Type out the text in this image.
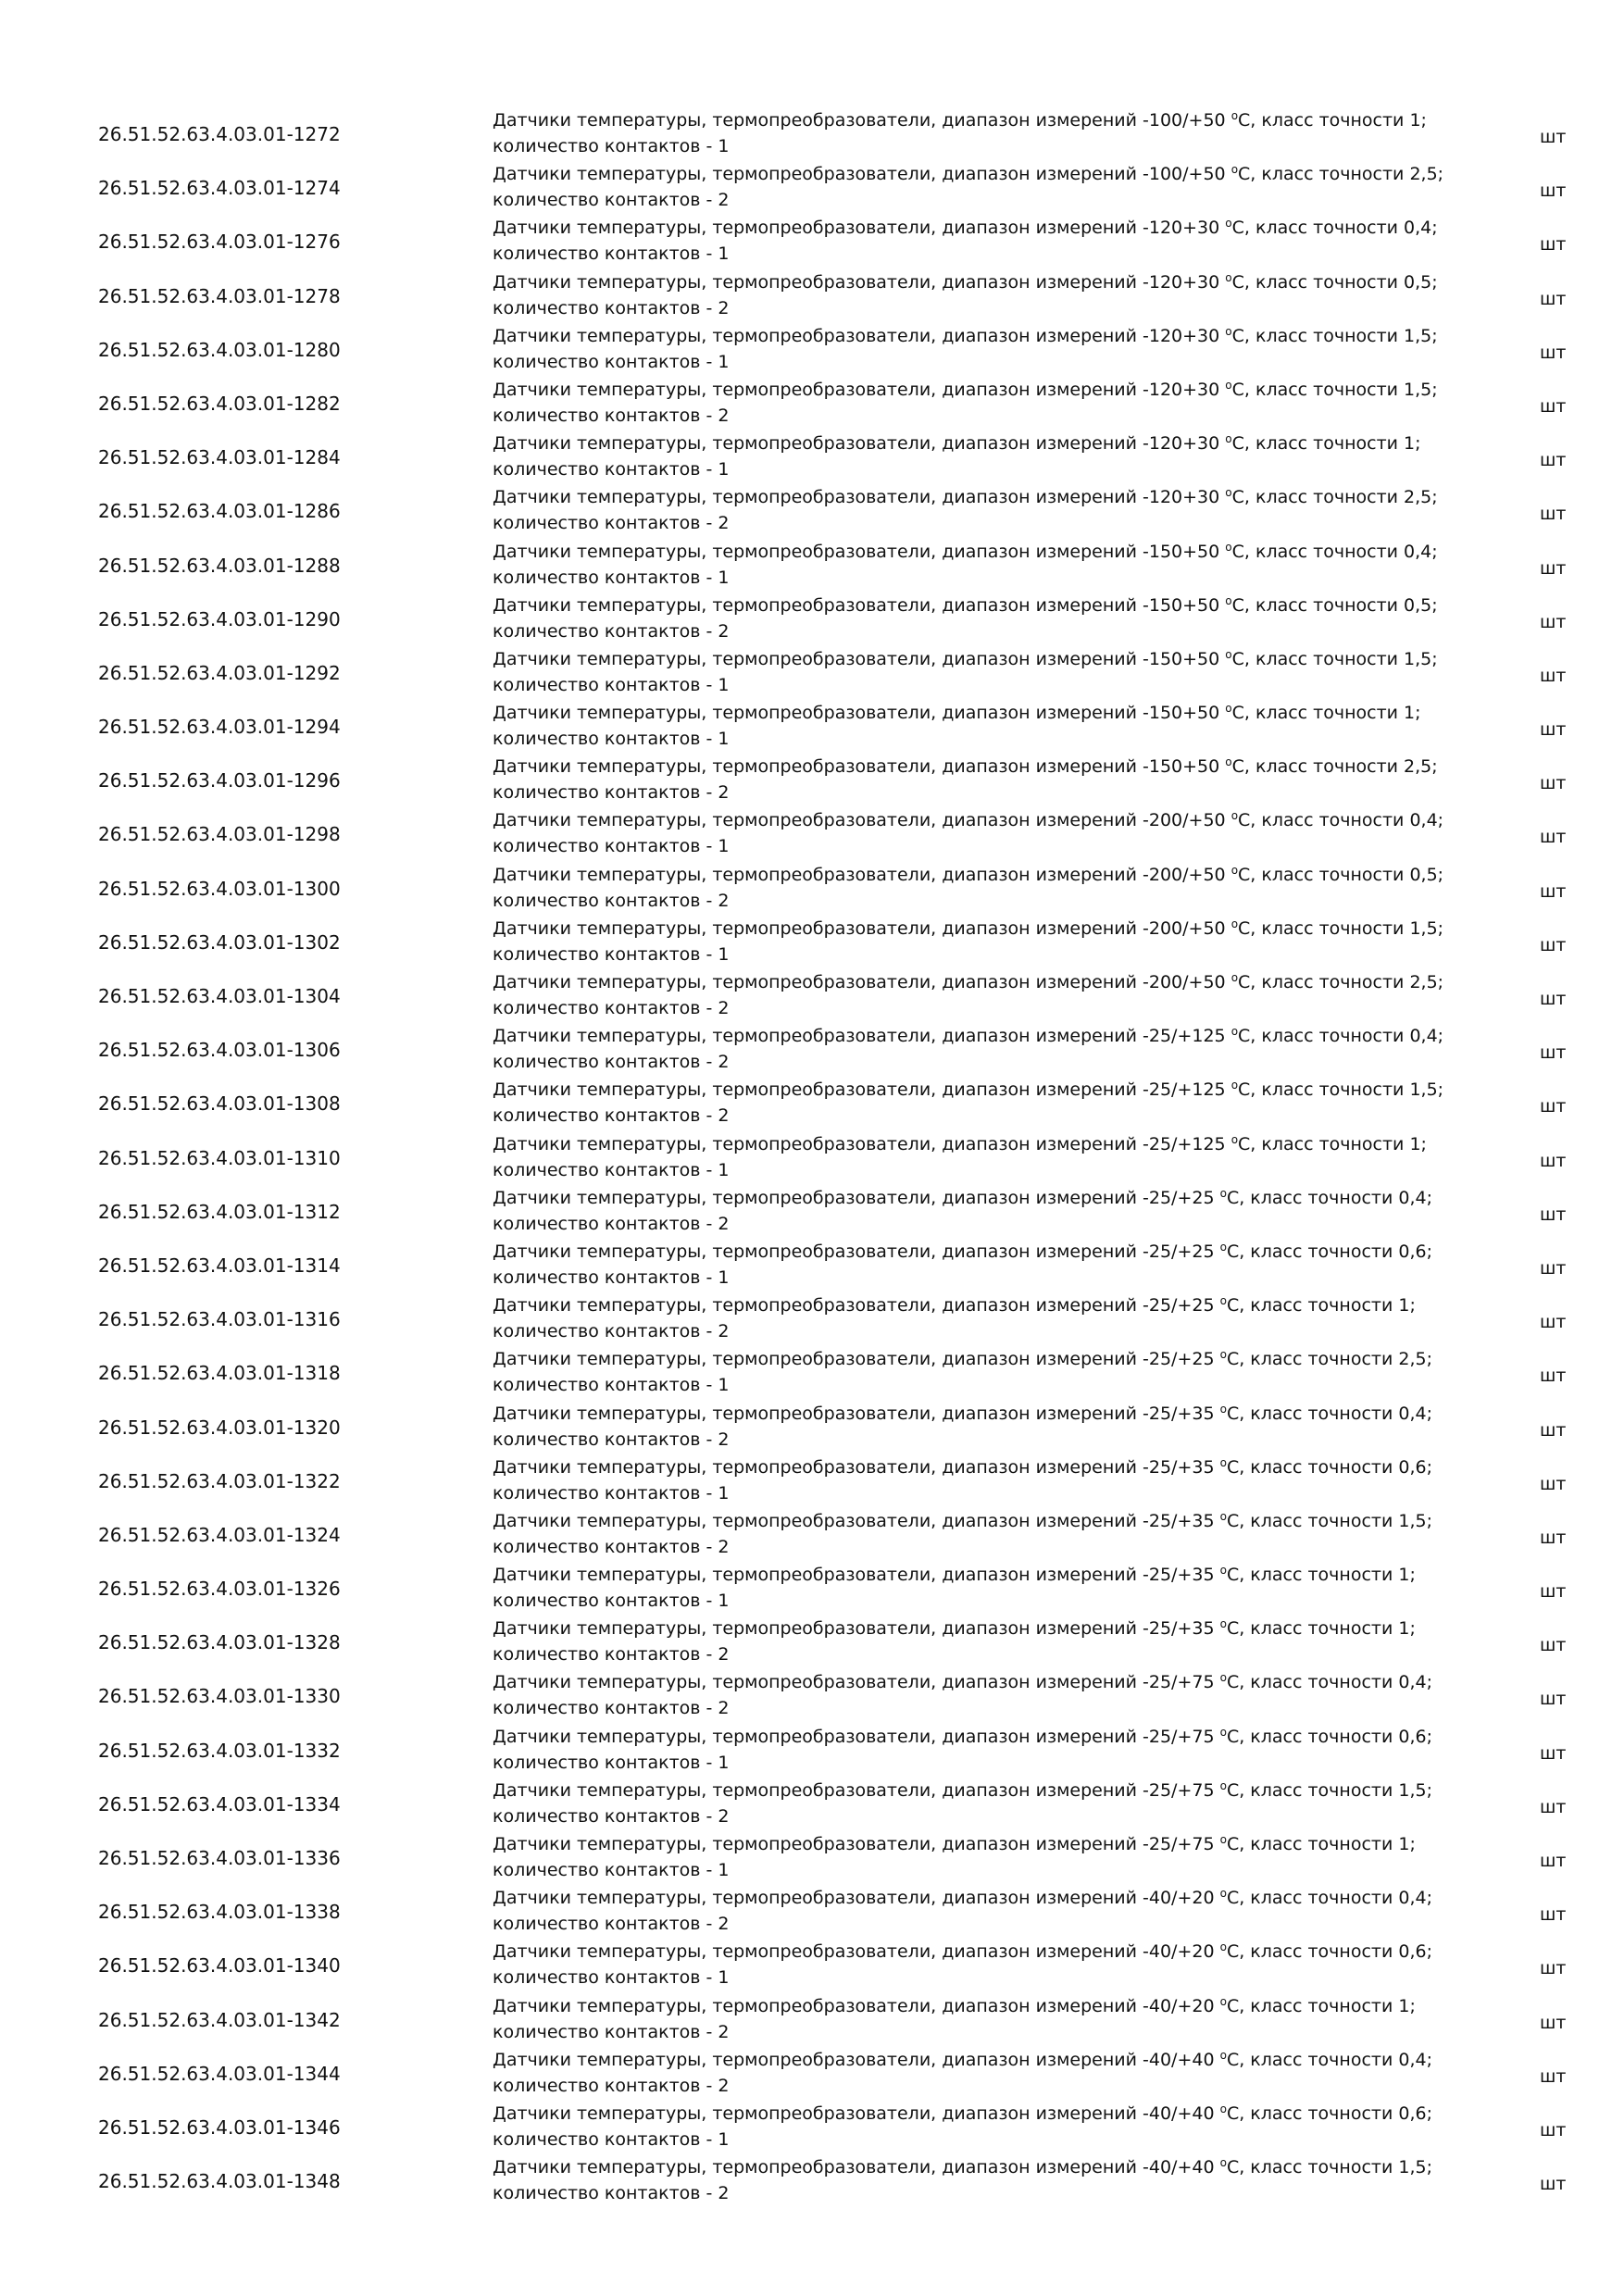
26.51.52.63.4.03.01-1272
Датчики температуры, термопреобразователи, диапазон измерений -100/+50 $^o$C, класс точности 1;
количество контактов - 1	шт
26.51.52.63.4.03.01-1274
Датчики температуры, термопреобразователи, диапазон измерений -100/+50 $^o$C, класс точности 2,5;
количество контактов - 2	шт
26.51.52.63.4.03.01-1276
Датчики температуры, термопреобразователи, диапазон измерений -120+30 $^o$C, класс точности 0,4;
количество контактов - 1	шт
26.51.52.63.4.03.01-1278
Датчики температуры, термопреобразователи, диапазон измерений -120+30 $^o$C, класс точности 0,5;
количество контактов - 2	шт
26.51.52.63.4.03.01-1280
Датчики температуры, термопреобразователи, диапазон измерений -120+30 $^o$C, класс точности 1,5;
количество контактов - 1	шт
26.51.52.63.4.03.01-1282
Датчики температуры, термопреобразователи, диапазон измерений -120+30 $^o$C, класс точности 1,5;
количество контактов - 2	шт
26.51.52.63.4.03.01-1284
Датчики температуры, термопреобразователи, диапазон измерений -120+30 $^o$C, класс точности 1;
количество контактов - 1	шт
26.51.52.63.4.03.01-1286
Датчики температуры, термопреобразователи, диапазон измерений -120+30 $^o$C, класс точности 2,5;
количество контактов - 2	шт
26.51.52.63.4.03.01-1288
Датчики температуры, термопреобразователи, диапазон измерений -150+50 $^o$C, класс точности 0,4;
количество контактов - 1	шт
26.51.52.63.4.03.01-1290
Датчики температуры, термопреобразователи, диапазон измерений -150+50 $^o$C, класс точности 0,5;
количество контактов - 2	шт
26.51.52.63.4.03.01-1292
Датчики температуры, термопреобразователи, диапазон измерений -150+50 $^o$C, класс точности 1,5;
количество контактов - 1	шт
26.51.52.63.4.03.01-1294
Датчики температуры, термопреобразователи, диапазон измерений -150+50 $^o$C, класс точности 1;
количество контактов - 1	шт
26.51.52.63.4.03.01-1296
Датчики температуры, термопреобразователи, диапазон измерений -150+50 $^o$C, класс точности 2,5;
количество контактов - 2	шт
26.51.52.63.4.03.01-1298
Датчики температуры, термопреобразователи, диапазон измерений -200/+50 $^o$C, класс точности 0,4;
количество контактов - 1	шт
26.51.52.63.4.03.01-1300
Датчики температуры, термопреобразователи, диапазон измерений -200/+50 $^o$C, класс точности 0,5;
количество контактов - 2	шт
26.51.52.63.4.03.01-1302
Датчики температуры, термопреобразователи, диапазон измерений -200/+50 $^o$C, класс точности 1,5;
количество контактов - 1	шт
26.51.52.63.4.03.01-1304
Датчики температуры, термопреобразователи, диапазон измерений -200/+50 $^o$C, класс точности 2,5;
количество контактов - 2	шт
26.51.52.63.4.03.01-1306
Датчики температуры, термопреобразователи, диапазон измерений -25/+125 $^o$C, класс точности 0,4;
количество контактов - 2	шт
26.51.52.63.4.03.01-1308
Датчики температуры, термопреобразователи, диапазон измерений -25/+125 $^o$C, класс точности 1,5;
количество контактов - 2	шт
26.51.52.63.4.03.01-1310
Датчики температуры, термопреобразователи, диапазон измерений -25/+125 $^o$C, класс точности 1;
количество контактов - 1	шт
26.51.52.63.4.03.01-1312
Датчики температуры, термопреобразователи, диапазон измерений -25/+25 $^o$C, класс точности 0,4;
количество контактов - 2	шт
26.51.52.63.4.03.01-1314
Датчики температуры, термопреобразователи, диапазон измерений -25/+25 $^o$C, класс точности 0,6;
количество контактов - 1	шт
26.51.52.63.4.03.01-1316
Датчики температуры, термопреобразователи, диапазон измерений -25/+25 $^o$C, класс точности 1;
количество контактов - 2	шт
26.51.52.63.4.03.01-1318
Датчики температуры, термопреобразователи, диапазон измерений -25/+25 $^o$C, класс точности 2,5;
количество контактов - 1	шт
26.51.52.63.4.03.01-1320
Датчики температуры, термопреобразователи, диапазон измерений -25/+35 $^o$C, класс точности 0,4;
количество контактов - 2	шт
26.51.52.63.4.03.01-1322
Датчики температуры, термопреобразователи, диапазон измерений -25/+35 $^o$C, класс точности 0,6;
количество контактов - 1	шт
26.51.52.63.4.03.01-1324
Датчики температуры, термопреобразователи, диапазон измерений -25/+35 $^o$C, класс точности 1,5;
количество контактов - 2	шт
26.51.52.63.4.03.01-1326
Датчики температуры, термопреобразователи, диапазон измерений -25/+35 $^o$C, класс точности 1;
количество контактов - 1	шт
26.51.52.63.4.03.01-1328
Датчики температуры, термопреобразователи, диапазон измерений -25/+35 $^o$C, класс точности 1;
количество контактов - 2	шт
26.51.52.63.4.03.01-1330
Датчики температуры, термопреобразователи, диапазон измерений -25/+75 $^o$C, класс точности 0,4;
количество контактов - 2	шт
26.51.52.63.4.03.01-1332
Датчики температуры, термопреобразователи, диапазон измерений -25/+75 $^o$C, класс точности 0,6;
количество контактов - 1	шт
26.51.52.63.4.03.01-1334
Датчики температуры, термопреобразователи, диапазон измерений -25/+75 $^o$C, класс точности 1,5;
количество контактов - 2	шт
26.51.52.63.4.03.01-1336
Датчики температуры, термопреобразователи, диапазон измерений -25/+75 $^o$C, класс точности 1;
количество контактов - 1	шт
26.51.52.63.4.03.01-1338
Датчики температуры, термопреобразователи, диапазон измерений -40/+20 $^o$C, класс точности 0,4;
количество контактов - 2	шт
26.51.52.63.4.03.01-1340
Датчики температуры, термопреобразователи, диапазон измерений -40/+20 $^o$C, класс точности 0,6;
количество контактов - 1	шт
26.51.52.63.4.03.01-1342
Датчики температуры, термопреобразователи, диапазон измерений -40/+20 $^o$C, класс точности 1;
количество контактов - 2	шт
26.51.52.63.4.03.01-1344
Датчики температуры, термопреобразователи, диапазон измерений -40/+40 $^o$C, класс точности 0,4;
количество контактов - 2	шт
26.51.52.63.4.03.01-1346
Датчики температуры, термопреобразователи, диапазон измерений -40/+40 $^o$C, класс точности 0,6;
количество контактов - 1	шт
26.51.52.63.4.03.01-1348
Датчики температуры, термопреобразователи, диапазон измерений -40/+40 $^o$C, класс точности 1,5;
количество контактов - 2	шт
